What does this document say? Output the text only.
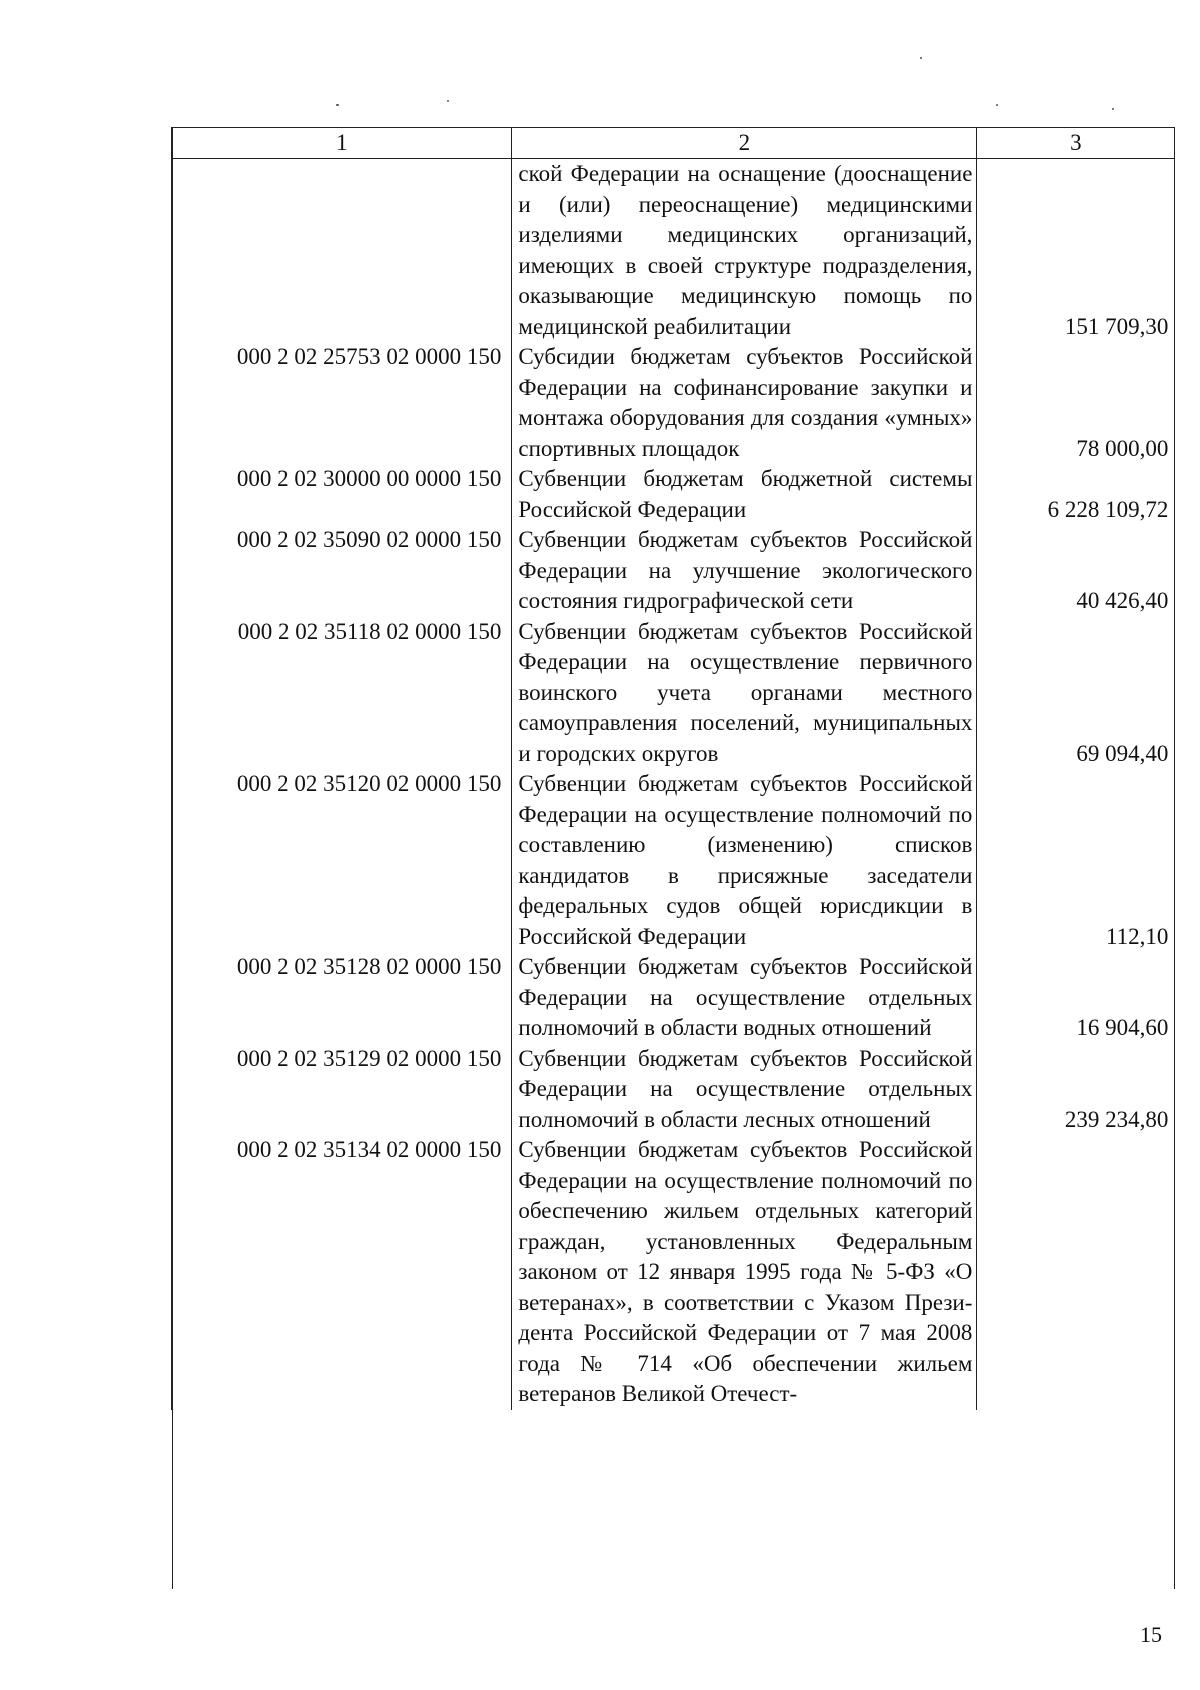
1	2	3
	ской Федерации на оснащение (дооснащение и (или) переоснащение) медицинскими изделиями медицинских организаций, имеющих в своей структуре подразделения, оказывающие медицинскую помощь по медицинской реабилитации	151 709,30
000 2 02 25753 02 0000 150	Субсидии бюджетам субъектов Российской Федерации на софинансирование закупки и монтажа оборудования для создания «умных» спортивных площадок	78 000,00
000 2 02 30000 00 0000 150	Субвенции бюджетам бюджетной системы Российской Федерации	6 228 109,72
000 2 02 35090 02 0000 150	Субвенции бюджетам субъектов Российской Федерации на улучшение экологического состояния гидрографической сети	40 426,40
000 2 02 35118 02 0000 150	Субвенции бюджетам субъектов Российской Федерации на осуществление первичного воинского учета органами местного самоуправления поселений, муниципальных и городских округов	69 094,40
000 2 02 35120 02 0000 150	Субвенции бюджетам субъектов Российской Федерации на осуществление полномочий по составлению (изменению) списков кандидатов в присяжные заседатели федеральных судов общей юрисдикции в Российской Федерации	112,10
000 2 02 35128 02 0000 150	Субвенции бюджетам субъектов Российской Федерации на осуществление отдельных полномочий в области водных отношений	16 904,60
000 2 02 35129 02 0000 150	Субвенции бюджетам субъектов Российской Федерации на осуществление отдельных полномочий в области лесных отношений	239 234,80
000 2 02 35134 02 0000 150	Субвенции бюджетам субъектов Российской Федерации на осуществление полномочий по обеспечению жильем отдельных категорий граждан, установленных Федеральным законом от 12 января 1995 года № 5-ФЗ «О ветеранах», в соответствии с Указом Президента Российской Федерации от 7 мая 2008 года № 714 «Об обеспечении жильем ветеранов Великой Отечест-	
15
